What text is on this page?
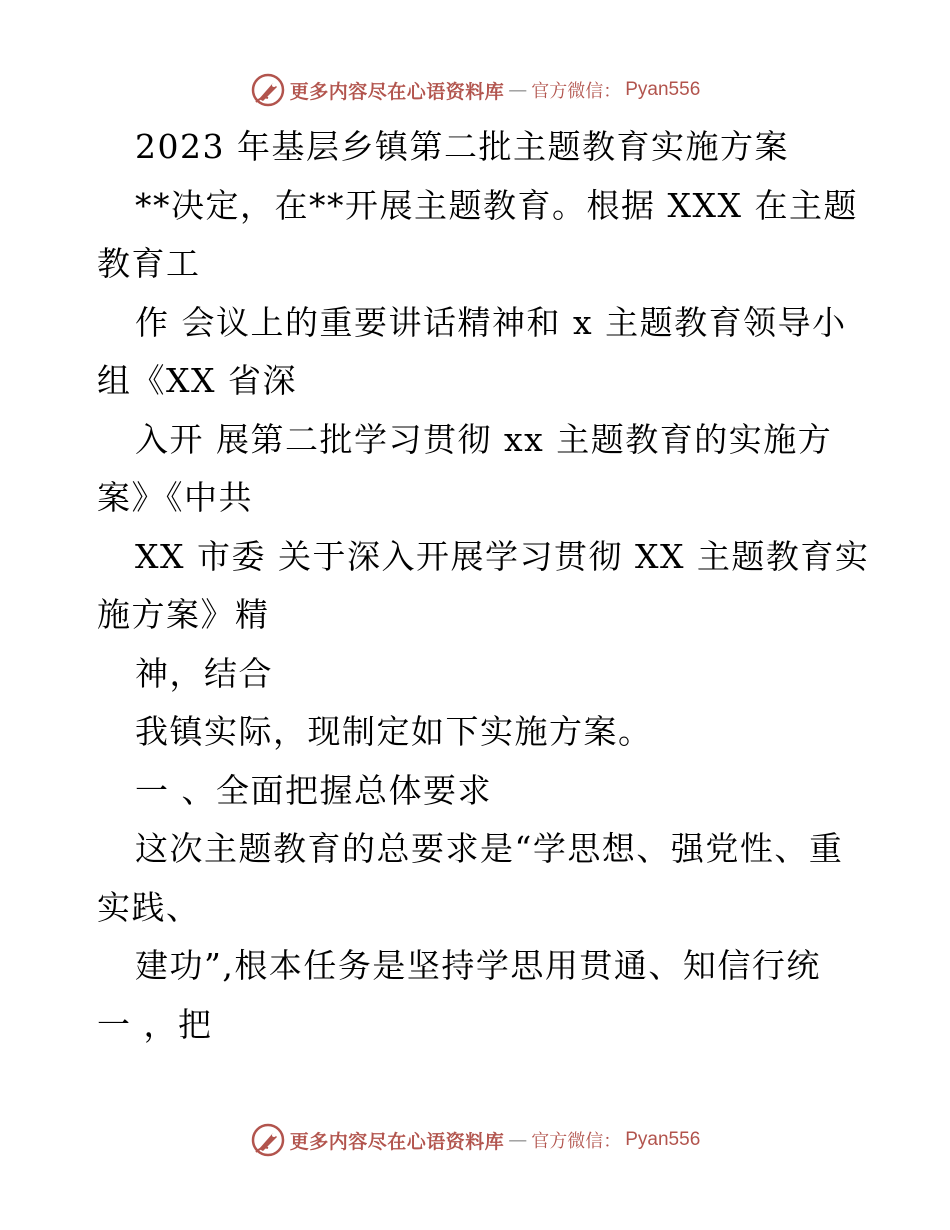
更多内容尽在心语资料库 — 官方微信： Pyan556
2023 年基层乡镇第二批主题教育实施方案
**决定，在**开展主题教育。根据 XXX 在主题
教育工
作 会议上的重要讲话精神和 x 主题教育领导小
组《XX 省深
入开 展第二批学习贯彻 xx 主题教育的实施方
案》《中共
XX 市委 关于深入开展学习贯彻 XX 主题教育实
施方案》精
神，结合
我镇实际，现制定如下实施方案。
一 、全面把握总体要求
这次主题教育的总要求是“学思想、强党性、重
实践、
建功”,根本任务是坚持学思用贯通、知信行统
一 ，把
更多内容尽在心语资料库 — 官方微信： Pyan556
